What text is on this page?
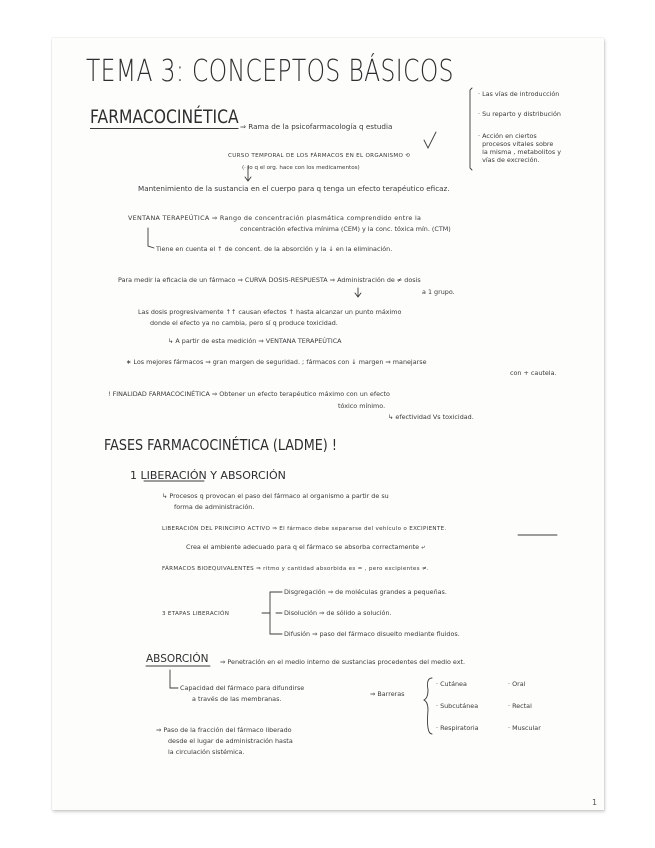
TEMA 3: CONCEPTOS BÁSICOS
· Las vías de introducción
· Su reparto y distribución
· Acción en ciertos
procesos vitales sobre
la misma , metabolitos y
vías de excreción.
FARMACOCINÉTICA ⇒ Rama de la psicofarmacología q estudia
CURSO TEMPORAL DE LOS FÁRMACOS EN EL ORGANISMO ⟲
(· lo q el org. hace con los medicamentos)
Mantenimiento de la sustancia en el cuerpo para q tenga un efecto terapéutico eficaz.
VENTANA TERAPEÚTICA ⇒ Rango de concentración plasmática comprendido entre la
concentración efectiva mínima (CEM) y la conc. tóxica mín. (CTM)
Tiene en cuenta el ↑ de concent. de la absorción y la ↓ en la eliminación.
Para medir la eficacia de un fármaco ⇒ CURVA DOSIS-RESPUESTA ⇒ Administración de ≠ dosis
a 1 grupo.
Las dosis progresivamente ↑↑ causan efectos ↑ hasta alcanzar un punto máximo
donde el efecto ya no cambia, pero sí q produce toxicidad.
↳ A partir de esta medición ⇒ VENTANA TERAPEÚTICA
∗ Los mejores fármacos ⇒ gran margen de seguridad. ; fármacos con ↓ margen ⇒ manejarse
con + cautela.
! FINALIDAD FARMACOCINÉTICA ⇒ Obtener un efecto terapéutico máximo con un efecto
tóxico mínimo.
↳ efectividad Vs toxicidad.
FASES FARMACOCINÉTICA (LADME) !
1 LIBERACIÓN Y ABSORCIÓN
↳ Procesos q provocan el paso del fármaco al organismo a partir de su
forma de administración.
LIBERACIÓN DEL PRINCIPIO ACTIVO ⇒ El fármaco debe separarse del vehículo o EXCIPIENTE.
Crea el ambiente adecuado para q el fármaco se absorba correctamente ⤶
FÁRMACOS BIOEQUIVALENTES ⇒ ritmo y cantidad absorbida es = , pero excipientes ≠.
3 ETAPAS LIBERACIÓN
Disgregación ⇒ de moléculas grandes a pequeñas.
Disolución ⇒ de sólido a solución.
Difusión ⇒ paso del fármaco disuelto mediante fluidos.
ABSORCIÓN ⇒ Penetración en el medio interno de sustancias procedentes del medio ext.
Capacidad del fármaco para difundirse
a través de las membranas.
⇒ Barreras
· Cutánea
· Subcutánea
· Respiratoria
· Oral
· Rectal
· Muscular
⇒ Paso de la fracción del fármaco liberado
desde el lugar de administración hasta
la circulación sistémica.
1
